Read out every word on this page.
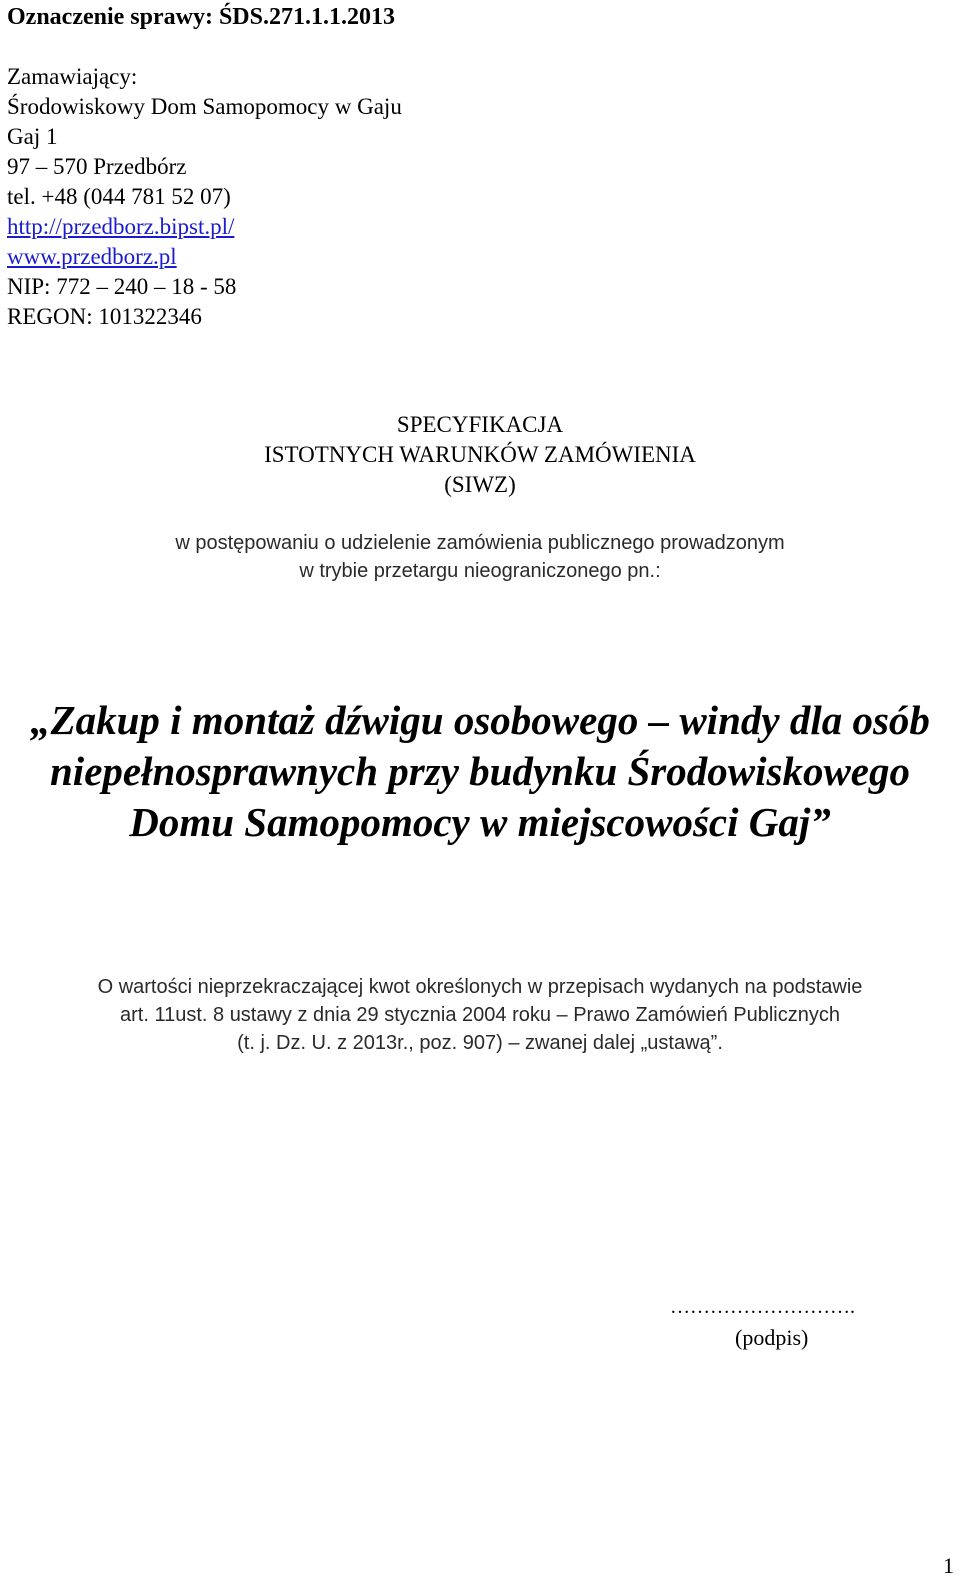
Oznaczenie sprawy: ŚDS.271.1.1.2013
Zamawiający:
Środowiskowy Dom Samopomocy w Gaju
Gaj 1
97 – 570 Przedbórz
tel. +48 (044 781 52 07)
http://przedborz.bipst.pl/
www.przedborz.pl
NIP: 772 – 240 – 18 - 58
REGON: 101322346
SPECYFIKACJA
ISTOTNYCH WARUNKÓW ZAMÓWIENIA
(SIWZ)
w postępowaniu o udzielenie zamówienia publicznego prowadzonym
w trybie przetargu nieograniczonego pn.:
„Zakup i montaż dźwigu osobowego – windy dla osób
niepełnosprawnych przy budynku Środowiskowego
Domu Samopomocy w miejscowości Gaj”
O wartości nieprzekraczającej kwot określonych w przepisach wydanych na podstawie
art. 11ust. 8 ustawy z dnia 29 stycznia 2004 roku – Prawo Zamówień Publicznych
(t. j. Dz. U. z 2013r., poz. 907) – zwanej dalej „ustawą”.
……………………….
(podpis)
1
